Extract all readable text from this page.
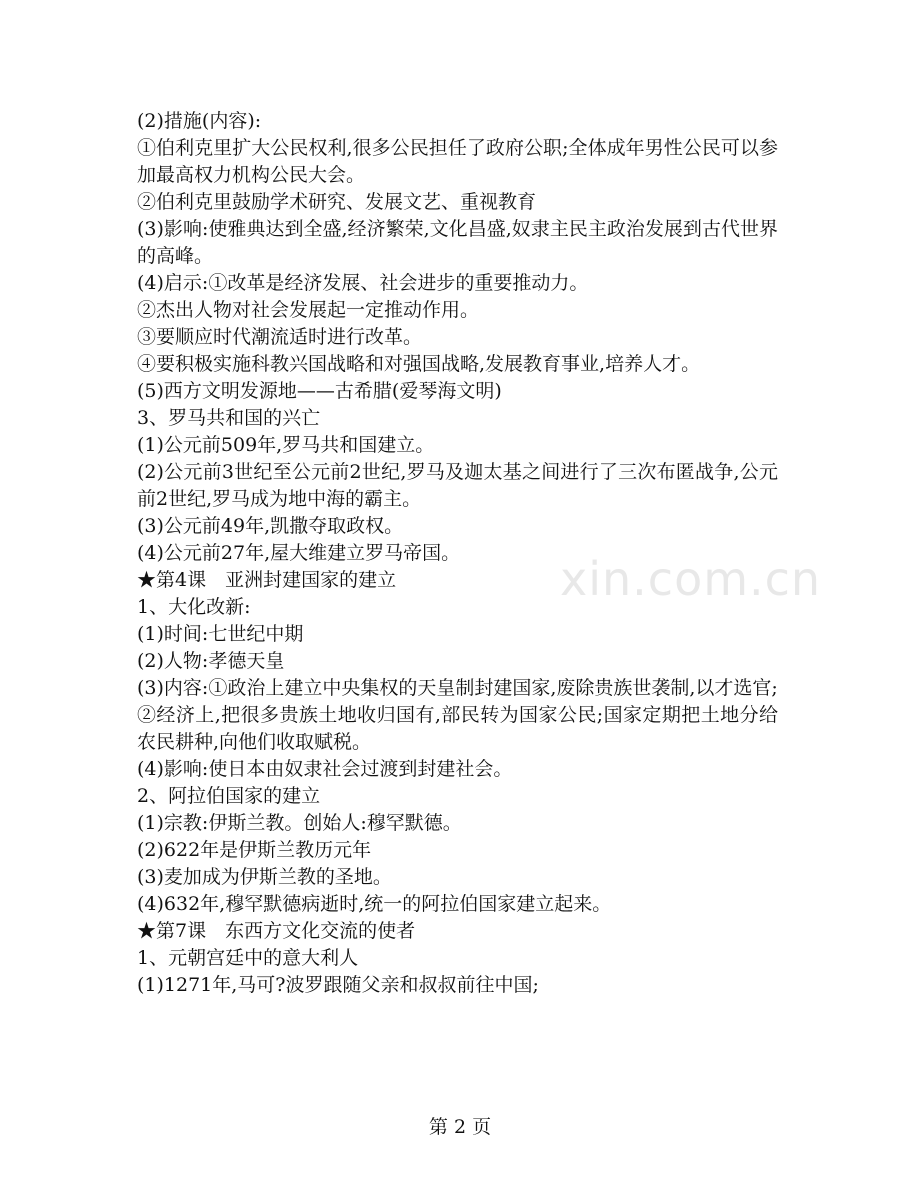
(2)措施(内容):

①伯利克里扩大公民权利,很多公民担任了政府公职;全体成年男性公民可以参加最高权力机构公民大会。

②伯利克里鼓励学术研究、发展文艺、重视教育

(3)影响:使雅典达到全盛,经济繁荣,文化昌盛,奴隶主民主政治发展到古代世界的高峰。

(4)启示:①改革是经济发展、社会进步的重要推动力。

②杰出人物对社会发展起一定推动作用。

③要顺应时代潮流适时进行改革。

④要积极实施科教兴国战略和对强国战略,发展教育事业,培养人才。

(5)西方文明发源地——古希腊(爱琴海文明)

3、罗马共和国的兴亡

(1)公元前509年,罗马共和国建立。

(2)公元前3世纪至公元前2世纪,罗马及迦太基之间进行了三次布匿战争,公元前2世纪,罗马成为地中海的霸主。

(3)公元前49年,凯撒夺取政权。

(4)公元前27年,屋大维建立罗马帝国。

★第4课　亚洲封建国家的建立

1、大化改新:

(1)时间:七世纪中期

(2)人物:孝德天皇

(3)内容:①政治上建立中央集权的天皇制封建国家,废除贵族世袭制,以才选官;

②经济上,把很多贵族土地收归国有,部民转为国家公民;国家定期把土地分给农民耕种,向他们收取赋税。

(4)影响:使日本由奴隶社会过渡到封建社会。

2、阿拉伯国家的建立

(1)宗教:伊斯兰教。创始人:穆罕默德。

(2)622年是伊斯兰教历元年

(3)麦加成为伊斯兰教的圣地。

(4)632年,穆罕默德病逝时,统一的阿拉伯国家建立起来。

★第7课　东西方文化交流的使者

1、元朝宫廷中的意大利人

(1)1271年,马可?波罗跟随父亲和叔叔前往中国;

xin.com.cn
第 2 页
